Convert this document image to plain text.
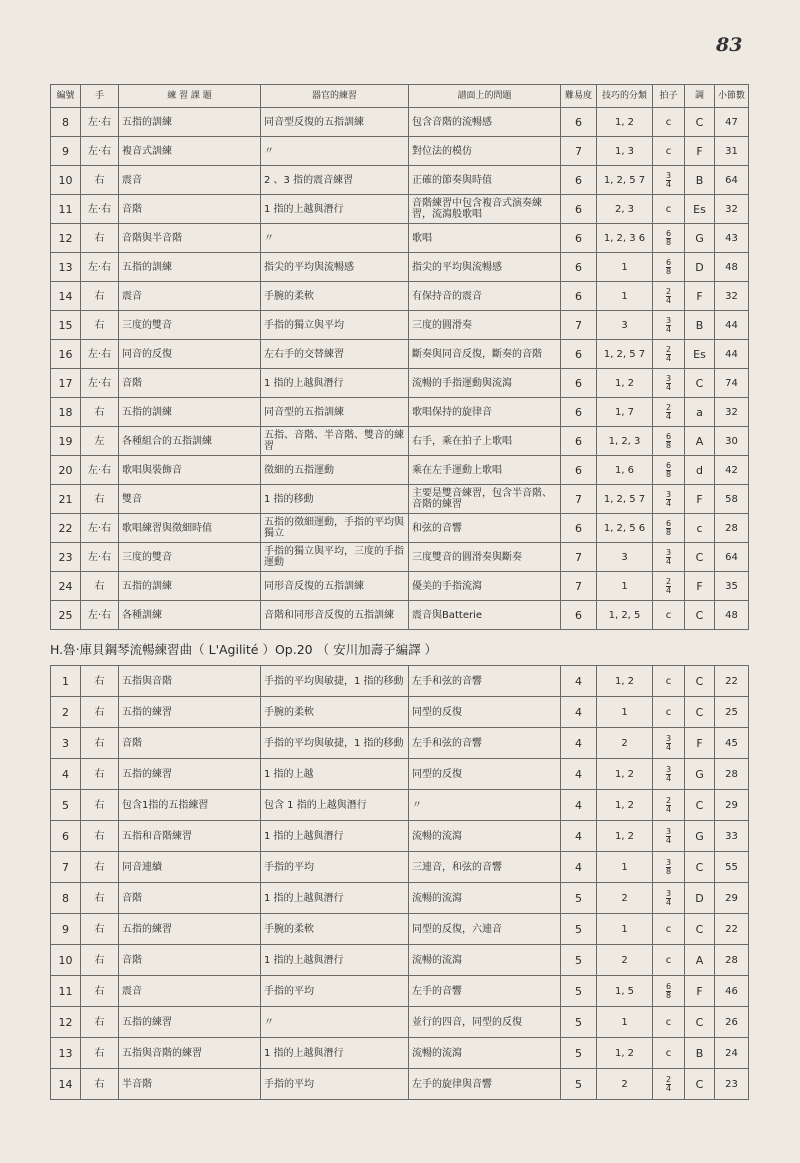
83
編號	手	練 習 課 題	器官的練習	譜面上的問題	難易度	技巧的分類	拍子	調	小節數
8	左‧右	五指的訓練	同音型反復的五指訓練	包含音階的流暢感	6	1, 2	c	C	47
9	左‧右	複音式訓練	〃	對位法的模仿	7	1, 3	c	F	31
10	右	震音	2 、3 指的震音練習	正確的節奏與時值	6	1, 2, 5 7	$\frac{3}{4}$	B	64
11	左‧右	音階	1 指的上越與潛行	音階練習中包含複音式演奏練習，流瀉般歌唱	6	2, 3	c	Es	32
12	右	音階與半音階	〃	歌唱	6	1, 2, 3 6	$\frac{6}{8}$	G	43
13	左‧右	五指的訓練	指尖的平均與流暢感	指尖的平均與流暢感	6	1	$\frac{6}{8}$	D	48
14	右	震音	手腕的柔軟	有保持音的震音	6	1	$\frac{2}{4}$	F	32
15	右	三度的雙音	手指的獨立與平均	三度的圓滑奏	7	3	$\frac{3}{4}$	B	44
16	左‧右	同音的反復	左右手的交替練習	斷奏與同音反復，斷奏的音階	6	1, 2, 5 7	$\frac{2}{4}$	Es	44
17	左‧右	音階	1 指的上越與潛行	流暢的手指運動與流瀉	6	1, 2	$\frac{3}{4}$	C	74
18	右	五指的訓練	同音型的五指訓練	歌唱保持的旋律音	6	1, 7	$\frac{2}{4}$	a	32
19	左	各種組合的五指訓練	五指、音階、半音階、雙音的練習	右手，乘在拍子上歌唱	6	1, 2, 3	$\frac{6}{8}$	A	30
20	左‧右	歌唱與裝飾音	徵細的五指運動	乘在左手運動上歌唱	6	1, 6	$\frac{6}{8}$	d	42
21	右	雙音	1 指的移動	主要是雙音練習，包含半音階、音階的練習	7	1, 2, 5 7	$\frac{3}{4}$	F	58
22	左‧右	歌唱練習與徵細時值	五指的徵細運動，手指的平均與獨立	和弦的音響	6	1, 2, 5 6	$\frac{6}{8}$	c	28
23	左‧右	三度的雙音	手指的獨立與平均，三度的手指運動	三度雙音的圓滑奏與斷奏	7	3	$\frac{3}{4}$	C	64
24	右	五指的訓練	同形音反復的五指訓練	優美的手指流瀉	7	1	$\frac{2}{4}$	F	35
25	左‧右	各種訓練	音階和同形音反復的五指訓練	震音與Batterie	6	1, 2, 5	c	C	48
H.魯‧庫貝鋼琴流暢練習曲（ L'Agilité ）Op.20 （ 安川加壽子編譯 ）
1	右	五指與音階	手指的平均與敏捷，1 指的移動	左手和弦的音響	4	1, 2	c	C	22
2	右	五指的練習	手腕的柔軟	同型的反復	4	1	c	C	25
3	右	音階	手指的平均與敏捷，1 指的移動	左手和弦的音響	4	2	$\frac{3}{4}$	F	45
4	右	五指的練習	1 指的上越	同型的反復	4	1, 2	$\frac{3}{4}$	G	28
5	右	包含1指的五指練習	包含 1 指的上越與潛行	〃	4	1, 2	$\frac{2}{4}$	C	29
6	右	五指和音階練習	1 指的上越與潛行	流暢的流瀉	4	1, 2	$\frac{3}{4}$	G	33
7	右	同音連續	手指的平均	三連音，和弦的音響	4	1	$\frac{3}{8}$	C	55
8	右	音階	1 指的上越與潛行	流暢的流瀉	5	2	$\frac{3}{4}$	D	29
9	右	五指的練習	手腕的柔軟	同型的反復，六連音	5	1	c	C	22
10	右	音階	1 指的上越與潛行	流暢的流瀉	5	2	c	A	28
11	右	震音	手指的平均	左手的音響	5	1, 5	$\frac{6}{8}$	F	46
12	右	五指的練習	〃	並行的四音，同型的反復	5	1	c	C	26
13	右	五指與音階的練習	1 指的上越與潛行	流暢的流瀉	5	1, 2	c	B	24
14	右	半音階	手指的平均	左手的旋律與音響	5	2	$\frac{2}{4}$	C	23
